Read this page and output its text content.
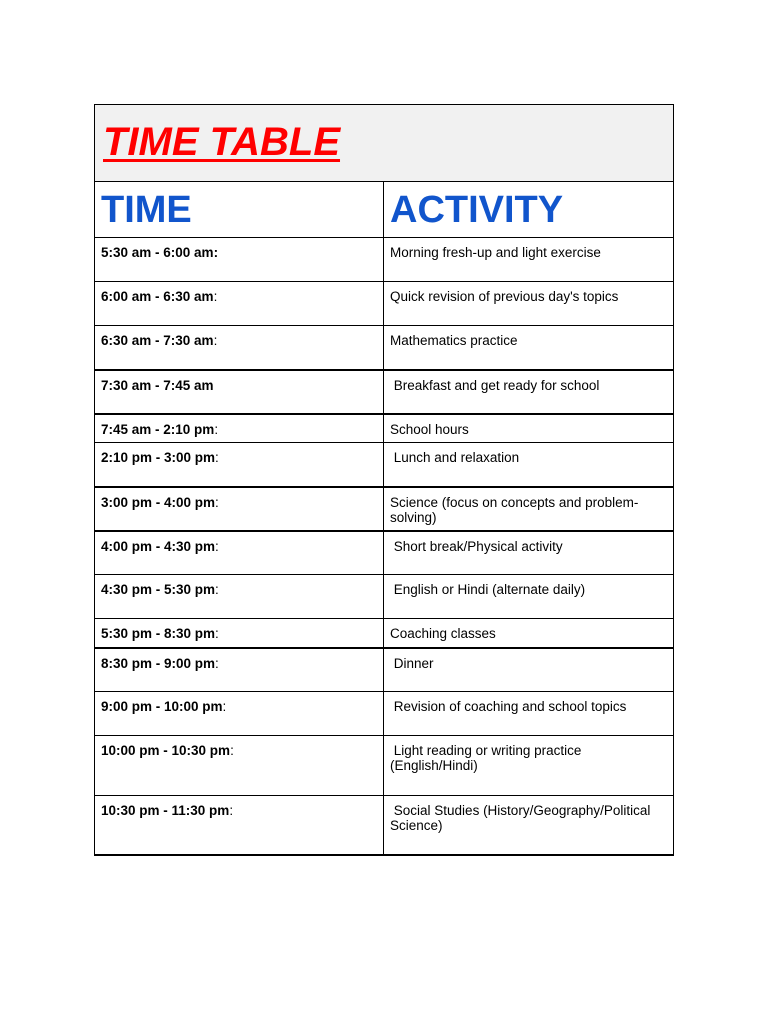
TIME TABLE	

TIME	ACTIVITY

5:30 am - 6:00 am:	Morning fresh-up and light exercise

6:00 am - 6:30 am:	Quick revision of previous day's topics

6:30 am - 7:30 am:	Mathematics practice

7:30 am - 7:45 am	Breakfast and get ready for school

7:45 am - 2:10 pm:	School hours

2:10 pm - 3:00 pm:	Lunch and relaxation

3:00 pm - 4:00 pm:	Science (focus on concepts and problem-solving)

4:00 pm - 4:30 pm:	Short break/Physical activity

4:30 pm - 5:30 pm:	English or Hindi (alternate daily)

5:30 pm - 8:30 pm:	Coaching classes

8:30 pm - 9:00 pm:	Dinner

9:00 pm - 10:00 pm:	Revision of coaching and school topics

10:00 pm - 10:30 pm:	Light reading or writing practice (English/Hindi)

10:30 pm - 11:30 pm:	Social Studies (History/Geography/Political Science)
